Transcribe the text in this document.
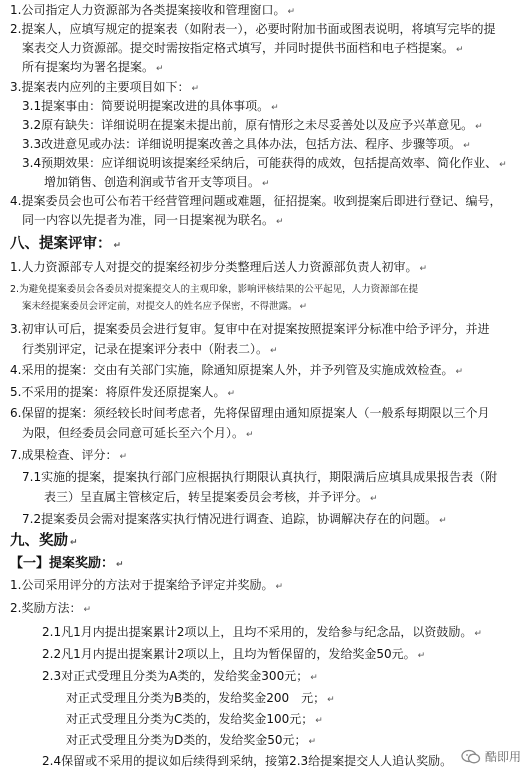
1.公司指定人力资源部为各类提案接收和管理窗口。 ↵
2.提案人，应填写规定的提案表（如附表一），必要时附加书面或图表说明，将填写完毕的提
案表交人力资源部。提交时需按指定格式填写，并同时提供书面档和电子档提案。 ↵
所有提案均为署名提案。 ↵
3.提案表内应列的主要项目如下： ↵
3.1提案事由：简要说明提案改进的具体事项。 ↵
3.2原有缺失：详细说明在提案未提出前，原有情形之未尽妥善处以及应予兴革意见。 ↵
3.3改进意见或办法：详细说明提案改善之具体办法，包括方法、程序、步骤等项。 ↵
3.4预期效果：应详细说明该提案经采纳后，可能获得的成效，包括提高效率、简化作业、 ↵
增加销售、创造利润或节省开支等项目。 ↵
4.提案委员会也可公布若干经营管理问题或难题，征招提案。收到提案后即进行登记、编号，
同一内容以先提者为准，同一日提案视为联名。 ↵
八、提案评审： ↵
1.人力资源部专人对提交的提案经初步分类整理后送人力资源部负责人初审。 ↵
2.为避免提案委员会各委员对提案提交人的主观印象，影响评核结果的公平起见，人力资源部在提
案未经提案委员会评定前，对提交人的姓名应予保密，不得泄露。 ↵
3.初审认可后，提案委员会进行复审。复审中在对提案按照提案评分标准中给予评分，并进
行类别评定，记录在提案评分表中（附表二）。 ↵
4.采用的提案：交由有关部门实施，除通知原提案人外，并予列管及实施成效检查。 ↵
5.不采用的提案：将原件发还原提案人。 ↵
6.保留的提案：须经较长时间考虑者，先将保留理由通知原提案人（一般系每期限以三个月
为限，但经委员会同意可延长至六个月）。 ↵
7.成果检查、评分： ↵
7.1实施的提案，提案执行部门应根据执行期限认真执行，期限满后应填具成果报告表（附
表三）呈直属主管核定后，转呈提案委员会考核，并予评分。 ↵
7.2提案委员会需对提案落实执行情况进行调查、追踪，协调解决存在的问题。 ↵
九、奖励 ↵
【一】提案奖励： ↵
1.公司采用评分的方法对于提案给予评定并奖励。 ↵
2.奖励方法： ↵
2.1凡1月内提出提案累计2项以上，且均不采用的，发给参与纪念品，以资鼓励。 ↵
2.2凡1月内提出提案累计2项以上，且均为暂保留的，发给奖金50元。 ↵
2.3对正式受理且分类为A类的，发给奖金300元； ↵
对正式受理且分类为B类的，发给奖金200　元； ↵
对正式受理且分类为C类的，发给奖金100元； ↵
对正式受理且分类为D类的，发给奖金50元； ↵
2.4保留或不采用的提议如后续得到采纳，接第2.3给提案提交人人追认奖励。	酷即用
